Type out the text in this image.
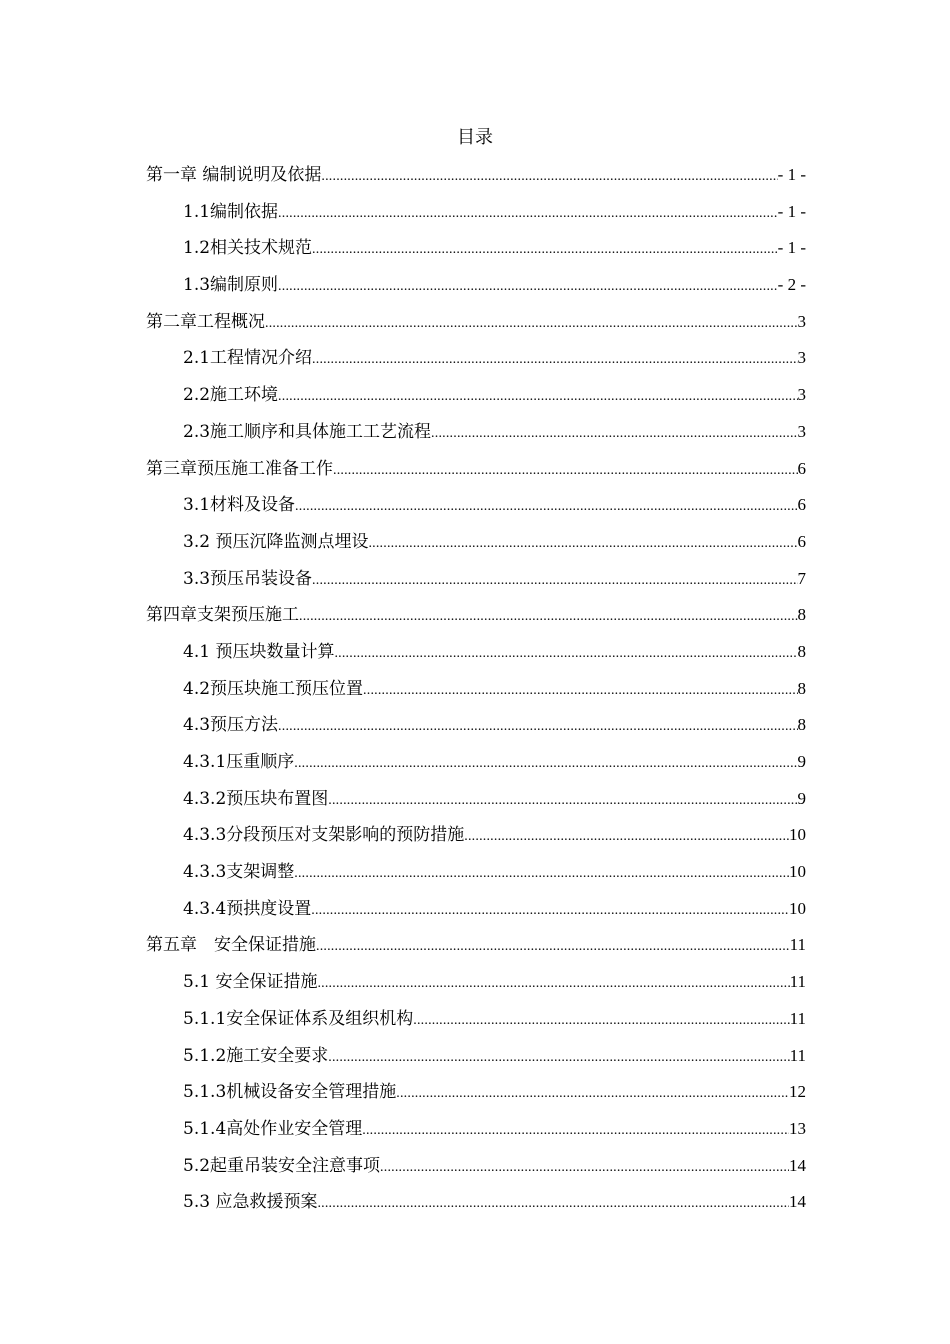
目录
第一章 编制说明及依据 .....	- 1 -
1.1编制依据 .....	- 1 -
1.2相关技术规范 .....	- 1 -
1.3编制原则 .....	- 2 -
第二章工程概况 .....	3
2.1工程情况介绍 .....	3
2.2施工环境 .....	3
2.3施工顺序和具体施工工艺流程 .....	3
第三章预压施工准备工作 .....	6
3.1材料及设备 .....	6
3.2 预压沉降监测点埋设 .....	6
3.3预压吊装设备 .....	7
第四章支架预压施工 .....	8
4.1 预压块数量计算 .....	8
4.2预压块施工预压位置 .....	8
4.3预压方法 .....	8
4.3.1压重顺序 .....	9
4.3.2预压块布置图 .....	9
4.3.3分段预压对支架影响的预防措施 .....	10
4.3.3支架调整 .....	10
4.3.4预拱度设置 .....	10
第五章　安全保证措施 .....	11
5.1 安全保证措施 .....	11
5.1.1安全保证体系及组织机构 .....	11
5.1.2施工安全要求 .....	11
5.1.3机械设备安全管理措施 .....	12
5.1.4高处作业安全管理 .....	13
5.2起重吊装安全注意事项 .....	14
5.3 应急救援预案 .....	14
